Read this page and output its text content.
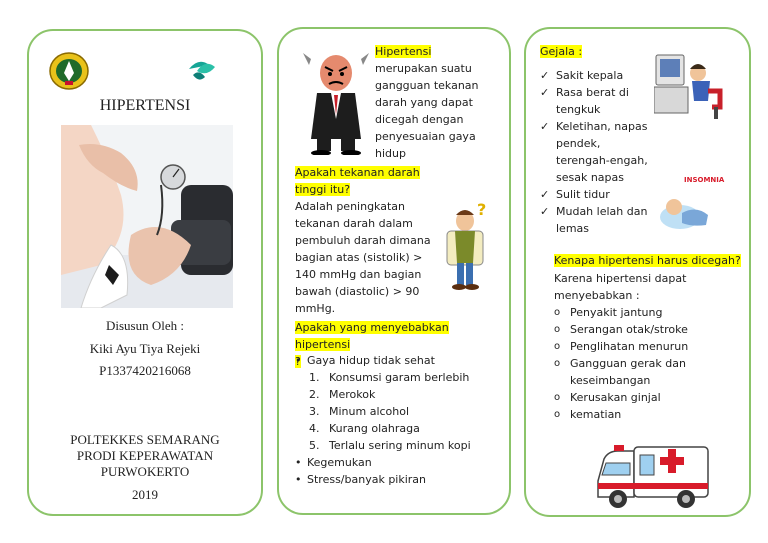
HIPERTENSI
Disusun Oleh :
Kiki Ayu Tiya Rejeki
P1337420216068
POLTEKKES SEMARANG
PRODI KEPERAWATAN
PURWOKERTO
2019
Hipertensi
merupakan suatu
gangguan tekanan
darah yang dapat
dicegah dengan
penyesuaian gaya
hidup
Apakah tekanan darah
tinggi itu?
Adalah peningkatan
tekanan darah dalam
pembuluh darah dimana
bagian atas (sistolik) >
140 mmHg dan bagian
bawah (diastolic) > 90
mmHg.
?
Apakah yang menyebabkan hipertensi
?
• Gaya hidup tidak sehat
1. Konsumsi garam berlebih
2. Merokok
3. Minum alcohol
4. Kurang olahraga
5. Terlalu sering minum kopi
• Kegemukan
• Stress/banyak pikiran
Gejala :
✓ Sakit kepala
✓ Rasa berat di
tengkuk
✓ Keletihan, napas
pendek,
terengah-engah,
sesak napas
✓ Sulit tidur
✓ Mudah lelah dan
lemas
INSOMNIA
Kenapa hipertensi harus dicegah?
Karena hipertensi dapat
menyebabkan :
o Penyakit jantung
o Serangan otak/stroke
o Penglihatan menurun
o Gangguan gerak dan
keseimbangan
o Kerusakan ginjal
o kematian
